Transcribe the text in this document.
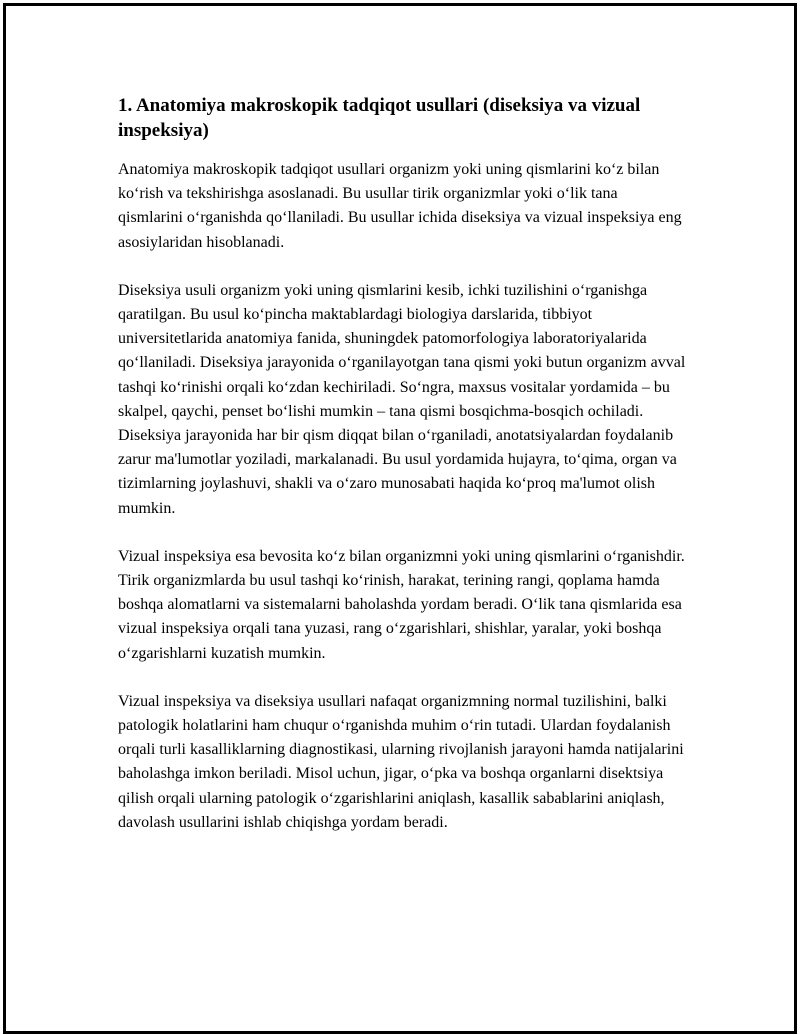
1. Anatomiya makroskopik tadqiqot usullari (diseksiya va vizual inspeksiya)

Anatomiya makroskopik tadqiqot usullari organizm yoki uning qismlarini ko‘z bilan ko‘rish va tekshirishga asoslanadi. Bu usullar tirik organizmlar yoki o‘lik tana qismlarini o‘rganishda qo‘llaniladi. Bu usullar ichida diseksiya va vizual inspeksiya eng asosiylaridan hisoblanadi.

Diseksiya usuli organizm yoki uning qismlarini kesib, ichki tuzilishini o‘rganishga qaratilgan. Bu usul ko‘pincha maktablardagi biologiya darslarida, tibbiyot universitetlarida anatomiya fanida, shuningdek patomorfologiya laboratoriyalarida qo‘llaniladi. Diseksiya jarayonida o‘rganilayotgan tana qismi yoki butun organizm avval tashqi ko‘rinishi orqali ko‘zdan kechiriladi. So‘ngra, maxsus vositalar yordamida – bu skalpel, qaychi, penset bo‘lishi mumkin – tana qismi bosqichma-bosqich ochiladi. Diseksiya jarayonida har bir qism diqqat bilan o‘rganiladi, anotatsiyalardan foydalanib zarur ma'lumotlar yoziladi, markalanadi. Bu usul yordamida hujayra, to‘qima, organ va tizimlarning joylashuvi, shakli va o‘zaro munosabati haqida ko‘proq ma'lumot olish mumkin.

Vizual inspeksiya esa bevosita ko‘z bilan organizmni yoki uning qismlarini o‘rganishdir. Tirik organizmlarda bu usul tashqi ko‘rinish, harakat, terining rangi, qoplama hamda boshqa alomatlarni va sistemalarni baholashda yordam beradi. O‘lik tana qismlarida esa vizual inspeksiya orqali tana yuzasi, rang o‘zgarishlari, shishlar, yaralar, yoki boshqa o‘zgarishlarni kuzatish mumkin.

Vizual inspeksiya va diseksiya usullari nafaqat organizmning normal tuzilishini, balki patologik holatlarini ham chuqur o‘rganishda muhim o‘rin tutadi. Ulardan foydalanish orqali turli kasalliklarning diagnostikasi, ularning rivojlanish jarayoni hamda natijalarini baholashga imkon beriladi. Misol uchun, jigar, o‘pka va boshqa organlarni disektsiya qilish orqali ularning patologik o‘zgarishlarini aniqlash, kasallik sabablarini aniqlash, davolash usullarini ishlab chiqishga yordam beradi.
